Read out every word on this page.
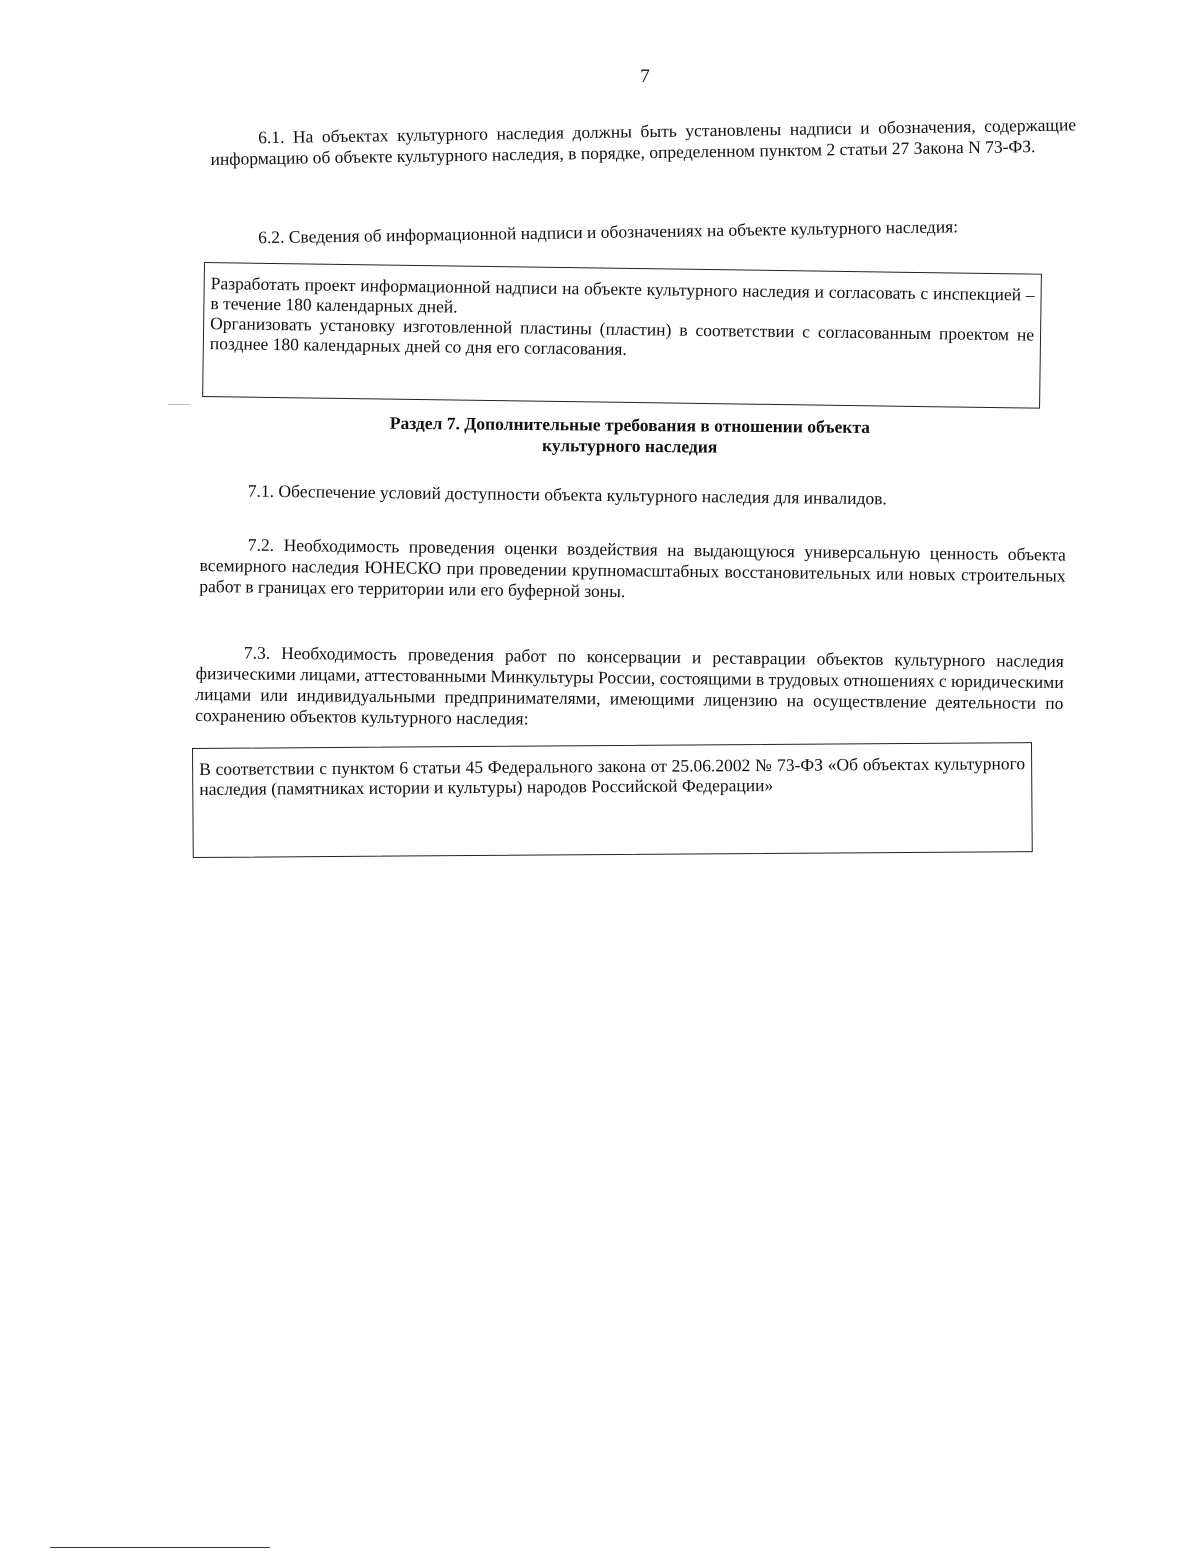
7
6.1. На объектах культурного наследия должны быть установлены надписи и обозначения, содержащие информацию об объекте культурного наследия, в порядке, определенном пунктом 2 статьи 27 Закона N 73-ФЗ.
6.2. Сведения об информационной надписи и обозначениях на объекте культурного наследия:
Разработать проект информационной надписи на объекте культурного наследия и согласовать с инспекцией – в течение 180 календарных дней.
Организовать установку изготовленной пластины (пластин) в соответствии с согласованным проектом не позднее 180 календарных дней со дня его согласования.
Раздел 7. Дополнительные требования в отношении объекта
культурного наследия
7.1. Обеспечение условий доступности объекта культурного наследия для инвалидов.
7.2. Необходимость проведения оценки воздействия на выдающуюся универсальную ценность объекта всемирного наследия ЮНЕСКО при проведении крупномасштабных восстановительных или новых строительных работ в границах его территории или его буферной зоны.
7.3. Необходимость проведения работ по консервации и реставрации объектов культурного наследия физическими лицами, аттестованными Минкультуры России, состоящими в трудовых отношениях с юридическими лицами или индивидуальными предпринимателями, имеющими лицензию на осуществление деятельности по сохранению объектов культурного наследия:
В соответствии с пунктом 6 статьи 45 Федерального закона от 25.06.2002 № 73-ФЗ «Об объектах культурного наследия (памятниках истории и культуры) народов Российской Федерации»
